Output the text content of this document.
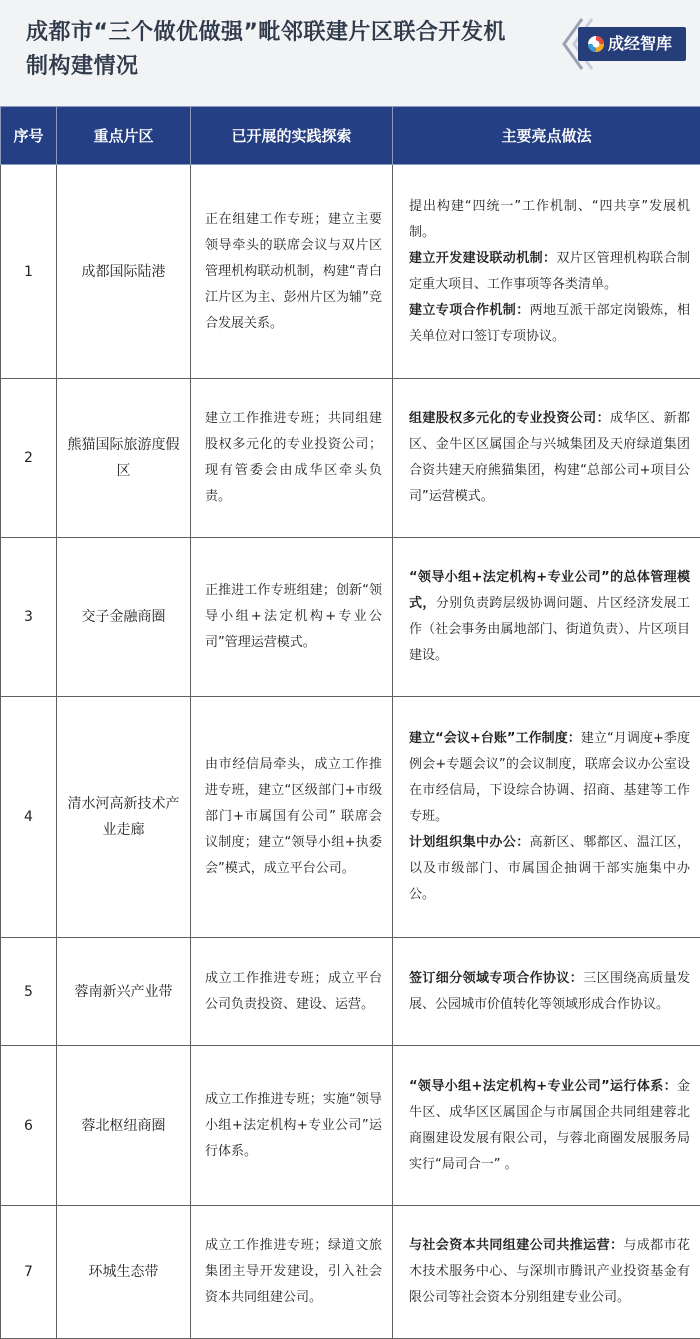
成都市“三个做优做强”毗邻联建片区联合开发机制构建情况
成经智库
序号	重点片区	已开展的实践探索	主要亮点做法
1	成都国际陆港	正在组建工作专班；建立主要领导牵头的联席会议与双片区管理机构联动机制，构建“青白江片区为主、彭州片区为辅”竞合发展关系。	提出构建“四统一”工作机制、“四共享”发展机制。
建立开发建设联动机制：双片区管理机构联合制定重大项目、工作事项等各类清单。
建立专项合作机制：两地互派干部定岗锻炼，相关单位对口签订专项协议。

2	熊猫国际旅游度假区	建立工作推进专班；共同组建股权多元化的专业投资公司；现有管委会由成华区牵头负责。	组建股权多元化的专业投资公司：成华区、新都区、金牛区区属国企与兴城集团及天府绿道集团合资共建天府熊猫集团，构建“总部公司+项目公司”运营模式。

3	交子金融商圈	正推进工作专班组建；创新“领导小组+法定机构+专业公司”管理运营模式。	“领导小组+法定机构+专业公司”的总体管理模式，分别负责跨层级协调问题、片区经济发展工作（社会事务由属地部门、街道负责）、片区项目建设。

4	清水河高新技术产业走廊	由市经信局牵头，成立工作推进专班，建立“区级部门+市级部门+市属国有公司” 联席会议制度；建立“领导小组+执委会”模式，成立平台公司。	建立“会议+台账”工作制度：建立“月调度+季度例会+专题会议”的会议制度，联席会议办公室设在市经信局，下设综合协调、招商、基建等工作专班。
计划组织集中办公：高新区、郫都区、温江区，以及市级部门、市属国企抽调干部实施集中办公。

5	蓉南新兴产业带	成立工作推进专班；成立平台公司负责投资、建设、运营。	签订细分领域专项合作协议：三区围绕高质量发展、公园城市价值转化等领域形成合作协议。

6	蓉北枢纽商圈	成立工作推进专班；实施“领导小组+法定机构+专业公司”运行体系。	“领导小组+法定机构+专业公司”运行体系：金牛区、成华区区属国企与市属国企共同组建蓉北商圈建设发展有限公司，与蓉北商圈发展服务局实行“局司合一” 。

7	环城生态带	成立工作推进专班；绿道文旅集团主导开发建设，引入社会资本共同组建公司。	与社会资本共同组建公司共推运营：与成都市花木技术服务中心、与深圳市腾讯产业投资基金有限公司等社会资本分别组建专业公司。
